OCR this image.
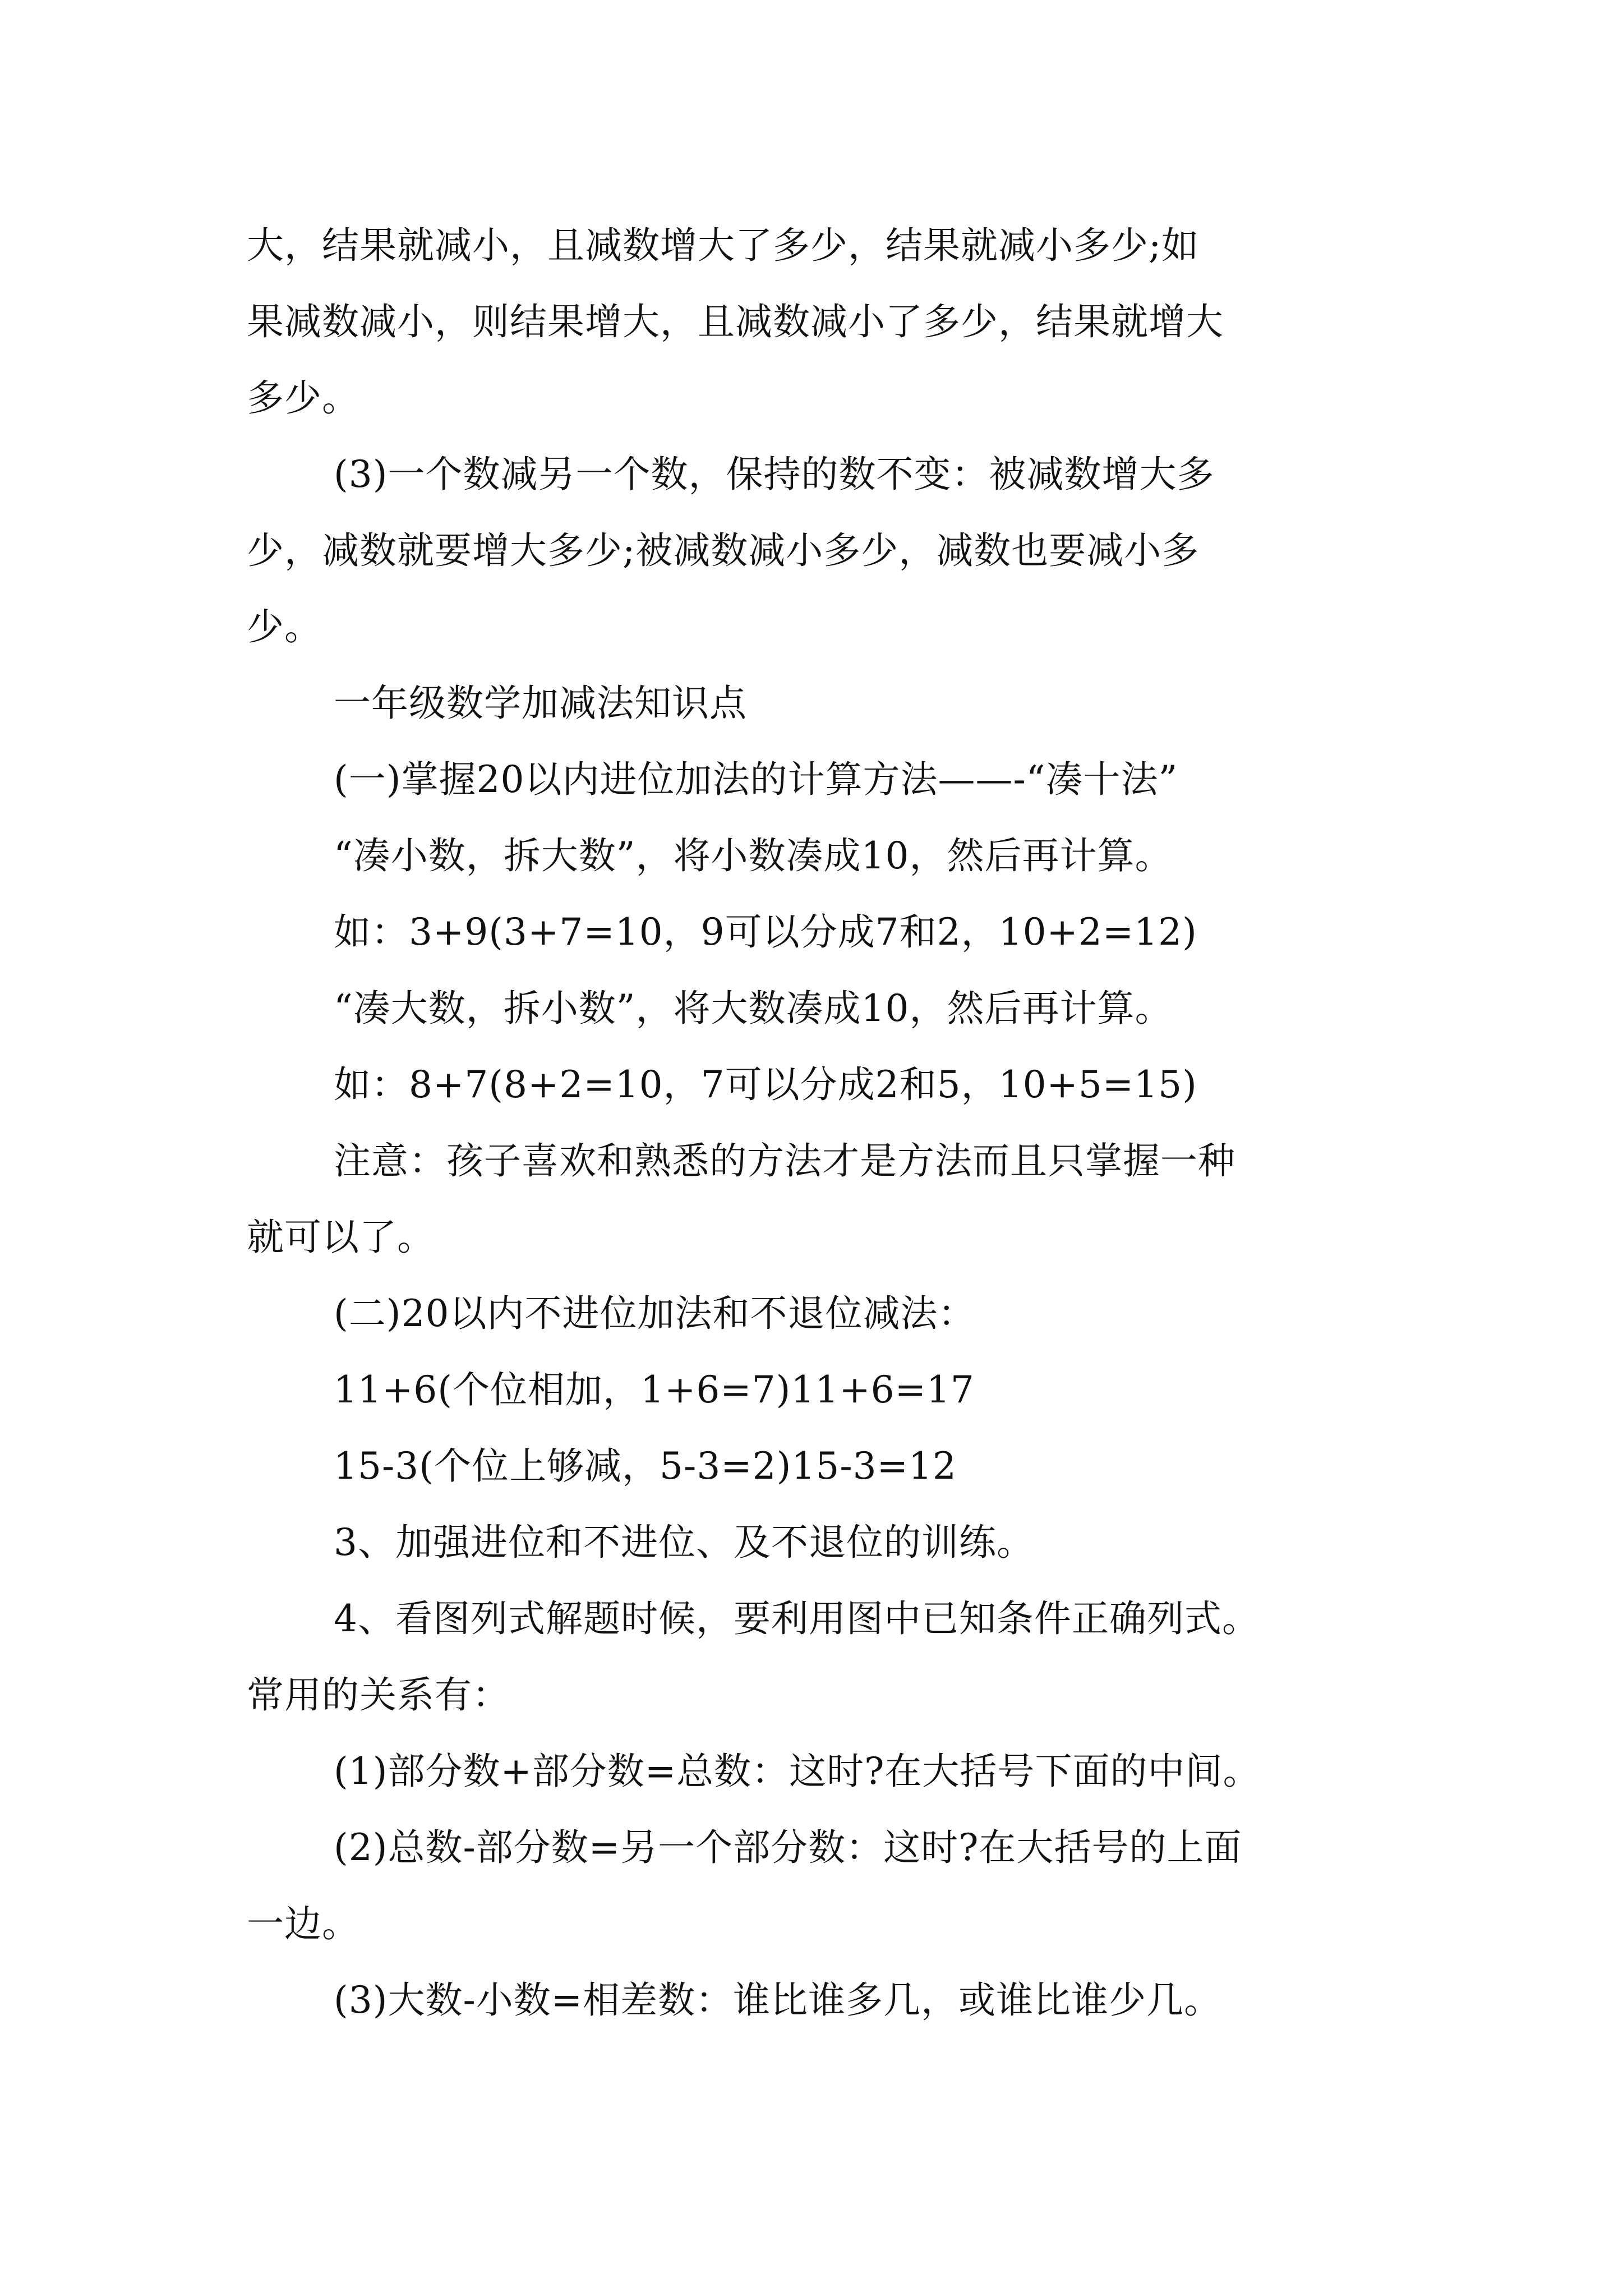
大，结果就减小，且减数增大了多少，结果就减小多少;如
果减数减小，则结果增大，且减数减小了多少，结果就增大
多少。
(3)一个数减另一个数，保持的数不变：被减数增大多
少，减数就要增大多少;被减数减小多少，减数也要减小多
少。
一年级数学加减法知识点
(一)掌握20以内进位加法的计算方法——-“凑十法”
“凑小数，拆大数”，将小数凑成10，然后再计算。
如：3+9(3+7=10，9可以分成7和2，10+2=12)
“凑大数，拆小数”，将大数凑成10，然后再计算。
如：8+7(8+2=10，7可以分成2和5，10+5=15)
注意：孩子喜欢和熟悉的方法才是方法而且只掌握一种
就可以了。
(二)20以内不进位加法和不退位减法：
11+6(个位相加，1+6=7)11+6=17
15-3(个位上够减，5-3=2)15-3=12
3、加强进位和不进位、及不退位的训练。
4、看图列式解题时候，要利用图中已知条件正确列式。
常用的关系有：
(1)部分数+部分数=总数：这时?在大括号下面的中间。
(2)总数-部分数=另一个部分数：这时?在大括号的上面
一边。
(3)大数-小数=相差数：谁比谁多几，或谁比谁少几。
